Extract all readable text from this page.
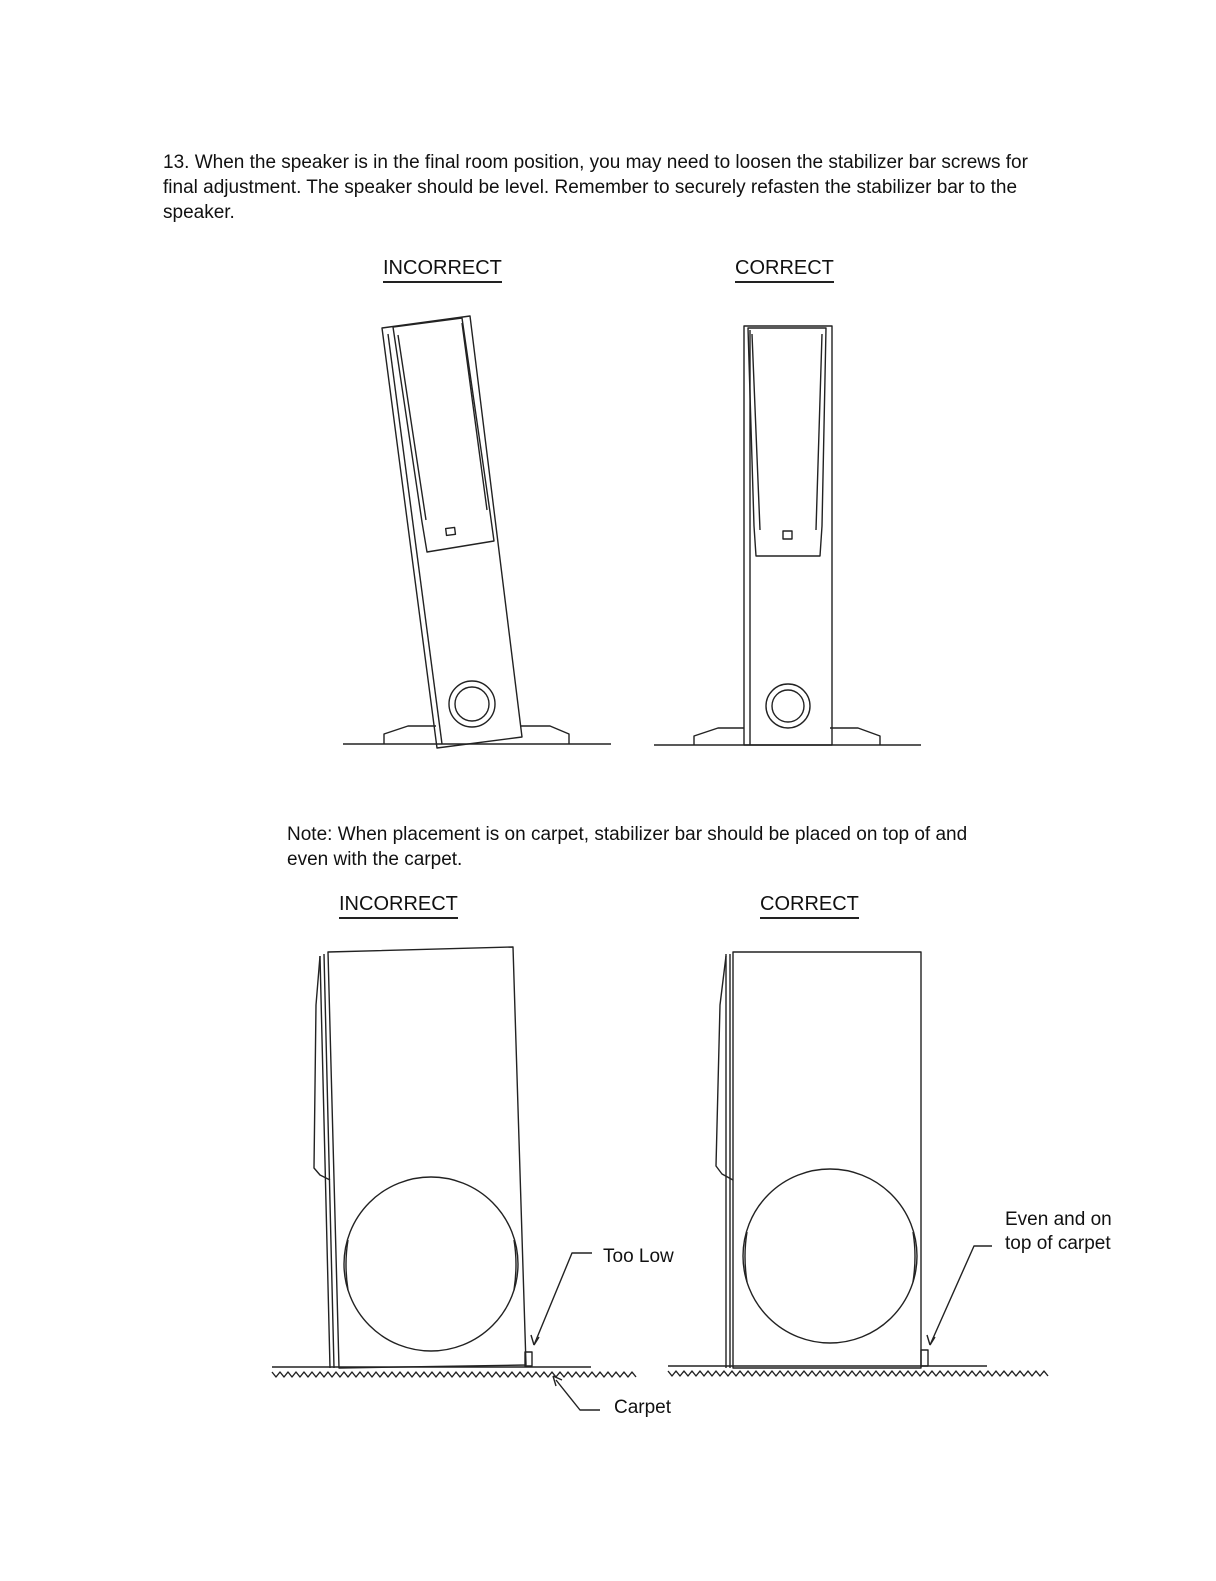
13. When the speaker is in the final room position, you may need to loosen the stabilizer bar screws for final adjustment. The speaker should be level. Remember to securely refasten the stabilizer bar to the speaker.

INCORRECT	CORRECT

Note: When placement is on carpet, stabilizer bar should be placed on top of and even with the carpet.

INCORRECT	CORRECT
Too Low
Carpet
Even and on top of carpet
